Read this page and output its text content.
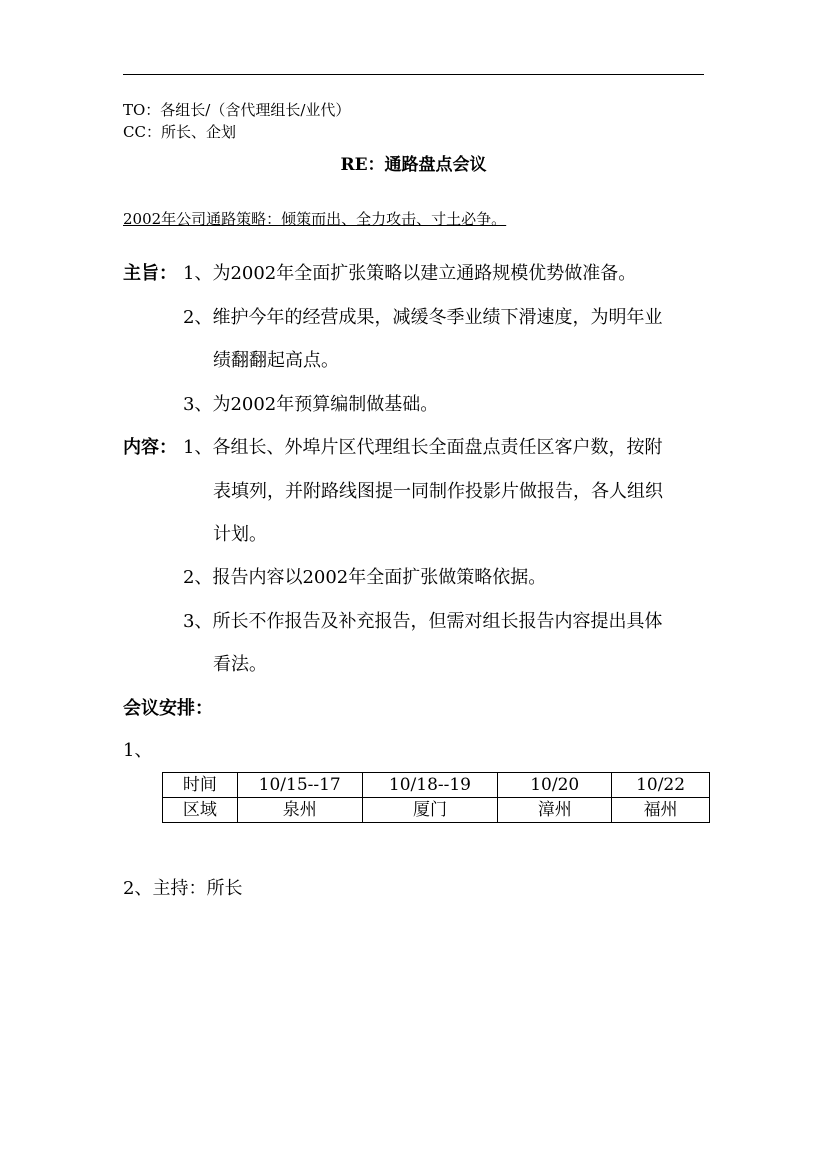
TO：各组长/（含代理组长/业代）
CC：所长、企划
RE：通路盘点会议
2002年公司通路策略：倾策而出、全力攻击、寸土必争。
主旨： 1、为2002年全面扩张策略以建立通路规模优势做准备。
2、维护今年的经营成果，减缓冬季业绩下滑速度，为明年业
绩翻翻起高点。
3、为2002年预算编制做基础。
内容： 1、各组长、外埠片区代理组长全面盘点责任区客户数，按附
表填列，并附路线图提一同制作投影片做报告，各人组织
计划。
2、报告内容以2002年全面扩张做策略依据。
3、所长不作报告及补充报告，但需对组长报告内容提出具体
看法。
会议安排：
1、
时间	10/15--17	10/18--19	10/20	10/22
区域	泉州	厦门	漳州	福州
2、主持：所长
